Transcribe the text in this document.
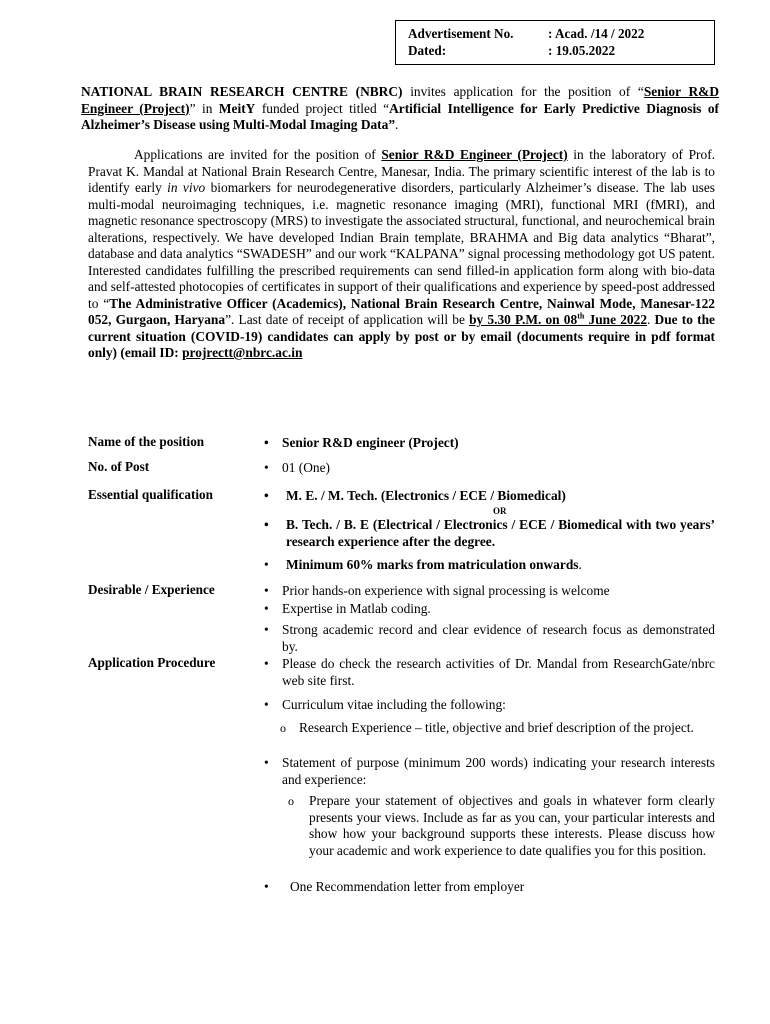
Advertisement No.	: Acad. /14 / 2022
Dated:	: 19.05.2022
NATIONAL BRAIN RESEARCH CENTRE (NBRC) invites application for the position of “Senior R&D Engineer (Project)” in MeitY funded project titled “Artificial Intelligence for Early Predictive Diagnosis of Alzheimer’s Disease using Multi-Modal Imaging Data”.
Applications are invited for the position of Senior R&D Engineer (Project) in the laboratory of Prof. Pravat K. Mandal at National Brain Research Centre, Manesar, India. The primary scientific interest of the lab is to identify early in vivo biomarkers for neurodegenerative disorders, particularly Alzheimer’s disease. The lab uses multi-modal neuroimaging techniques, i.e. magnetic resonance imaging (MRI), functional MRI (fMRI), and magnetic resonance spectroscopy (MRS) to investigate the associated structural, functional, and neurochemical brain alterations, respectively. We have developed Indian Brain template, BRAHMA and Big data analytics “Bharat”, database and data analytics “SWADESH” and our work “KALPANA” signal processing methodology got US patent. Interested candidates fulfilling the prescribed requirements can send filled-in application form along with bio-data and self-attested photocopies of certificates in support of their qualifications and experience by speed-post addressed to “The Administrative Officer (Academics), National Brain Research Centre, Nainwal Mode, Manesar-122 052, Gurgaon, Haryana”. Last date of receipt of application will be by 5.30 P.M. on 08th June 2022. Due to the current situation (COVID-19) candidates can apply by post or by email (documents require in pdf format only) (email ID: projrectt@nbrc.ac.in
Name of the position	• Senior R&D engineer (Project)
No. of Post	• 01 (One)
Essential qualification	• M. E. / M. Tech. (Electronics / ECE / Biomedical)
OR
• B. Tech. / B. E (Electrical / Electronics / ECE / Biomedical with two years’ research experience after the degree.
• Minimum 60% marks from matriculation onwards.
Desirable / Experience	• Prior hands-on experience with signal processing is welcome
• Expertise in Matlab coding.
• Strong academic record and clear evidence of research focus as demonstrated by.
Application Procedure	• Please do check the research activities of Dr. Mandal from ResearchGate/nbrc web site first.
• Curriculum vitae including the following:
o Research Experience – title, objective and brief description of the project.
• Statement of purpose (minimum 200 words) indicating your research interests and experience:
o Prepare your statement of objectives and goals in whatever form clearly presents your views. Include as far as you can, your particular interests and show how your background supports these interests. Please discuss how your academic and work experience to date qualifies you for this position.
• One Recommendation letter from employer
